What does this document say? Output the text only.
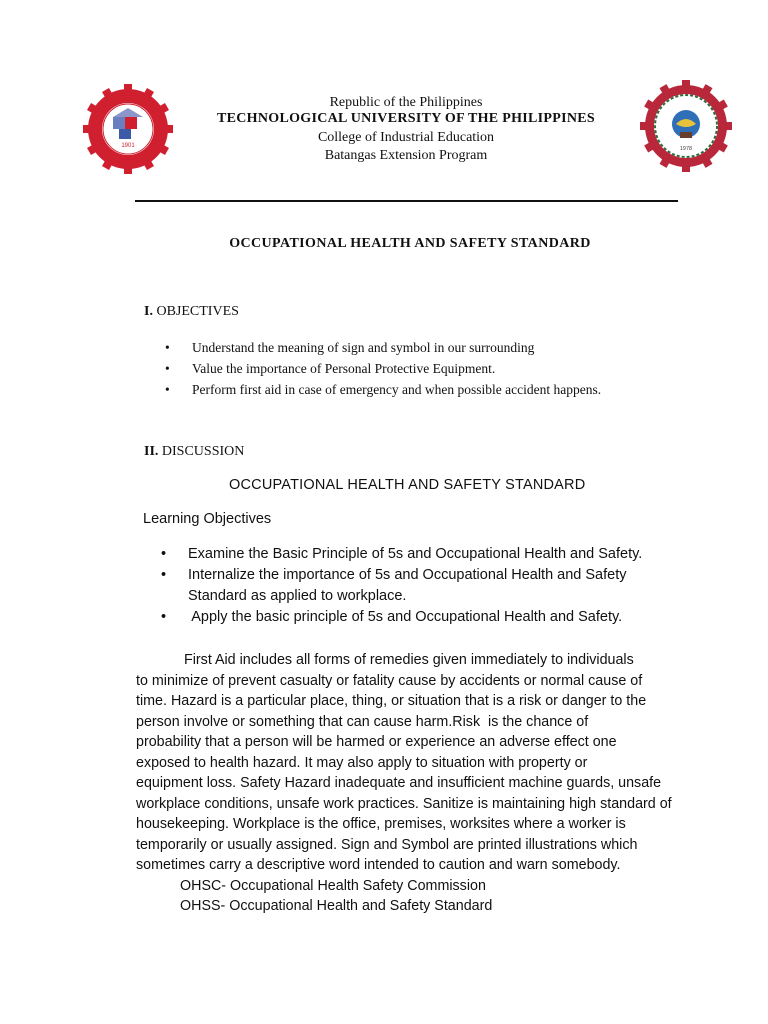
1901	1978
Republic of the Philippines
TECHNOLOGICAL UNIVERSITY OF THE PHILIPPINES
College of Industrial Education
Batangas Extension Program
OCCUPATIONAL HEALTH AND SAFETY STANDARD
I. OBJECTIVES
• Understand the meaning of sign and symbol in our surrounding
• Value the importance of Personal Protective Equipment.
• Perform first aid in case of emergency and when possible accident happens.
II. DISCUSSION
OCCUPATIONAL HEALTH AND SAFETY STANDARD
Learning Objectives
• Examine the Basic Principle of 5s and Occupational Health and Safety.
• Internalize the importance of 5s and Occupational Health and Safety
Standard as applied to workplace.
• Apply the basic principle of 5s and Occupational Health and Safety.
First Aid includes all forms of remedies given immediately to individuals
to minimize of prevent casualty or fatality cause by accidents or normal cause of
time. Hazard is a particular place, thing, or situation that is a risk or danger to the
person involve or something that can cause harm.Risk  is the chance of
probability that a person will be harmed or experience an adverse effect one
exposed to health hazard. It may also apply to situation with property or
equipment loss. Safety Hazard inadequate and insufficient machine guards, unsafe
workplace conditions, unsafe work practices. Sanitize is maintaining high standard of
housekeeping. Workplace is the office, premises, worksites where a worker is
temporarily or usually assigned. Sign and Symbol are printed illustrations which
sometimes carry a descriptive word intended to caution and warn somebody.
OHSC- Occupational Health Safety Commission
OHSS- Occupational Health and Safety Standard
